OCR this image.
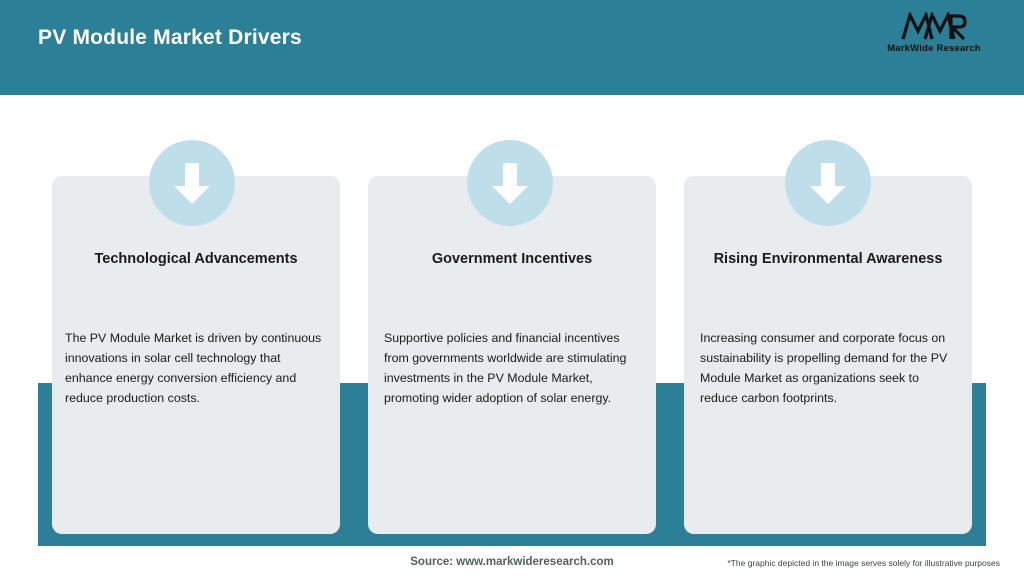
PV Module Market Drivers	MarkWide Research
Inspiring Growth
Technological Advancements
The PV Module Market is driven by continuous innovations in solar cell technology that enhance energy conversion efficiency and reduce production costs.
Government Incentives
Supportive policies and financial incentives from governments worldwide are stimulating investments in the PV Module Market, promoting wider adoption of solar energy.
Rising Environmental Awareness
Increasing consumer and corporate focus on sustainability is propelling demand for the PV Module Market as organizations seek to reduce carbon footprints.
Source: www.markwideresearch.com	*The graphic depicted in the image serves solely for illustrative purposes
